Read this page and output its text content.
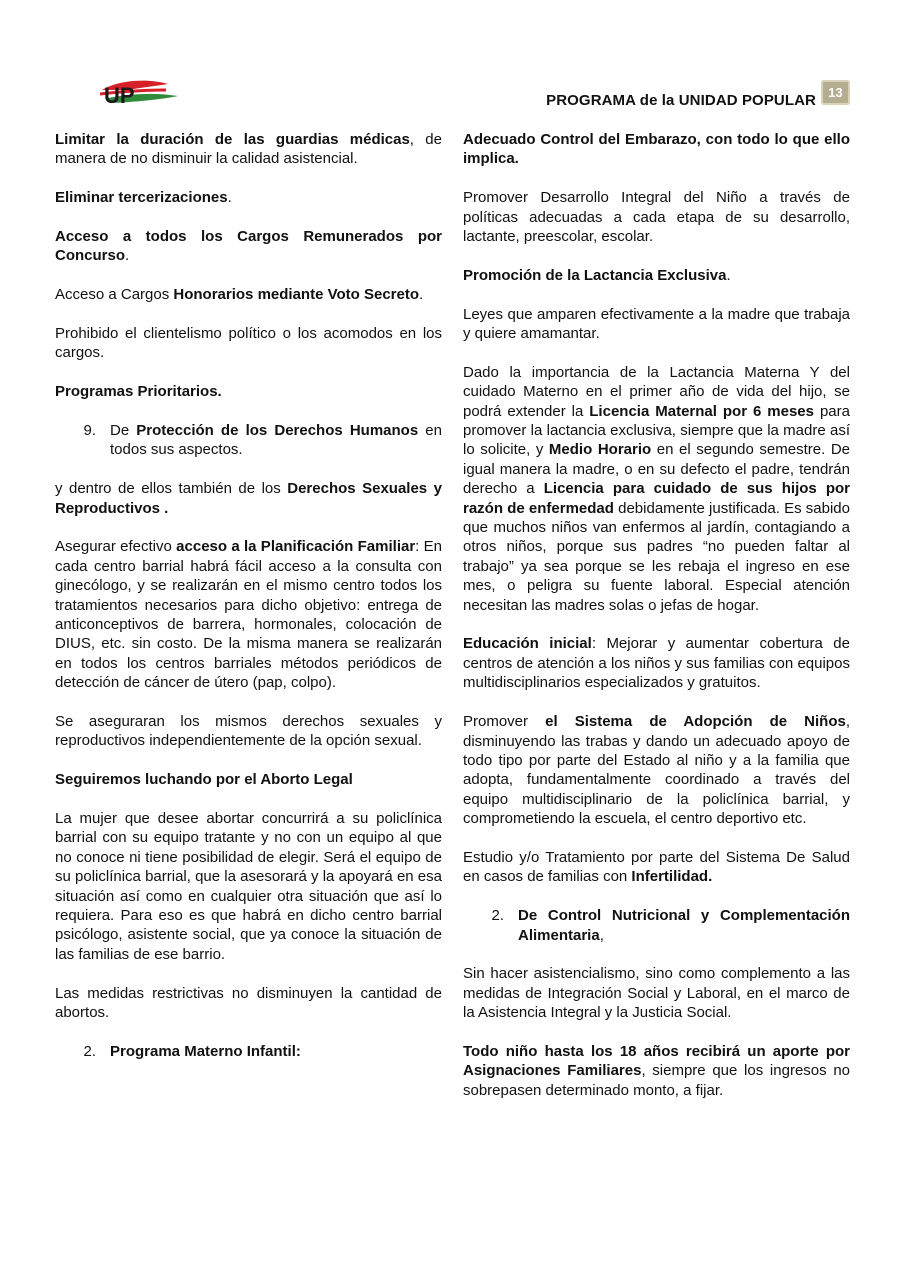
UP	PROGRAMA de la UNIDAD POPULAR 13

Limitar la duración de las guardias médicas, de manera de no disminuir la calidad asistencial.

Eliminar tercerizaciones.

Acceso a todos los Cargos Remunerados por Concurso.

Acceso a Cargos Honorarios mediante Voto Secreto.

Prohibido el clientelismo político o los acomodos en los cargos.

Programas Prioritarios.

9. De Protección de los Derechos Humanos en todos sus aspectos.

y dentro de ellos también de los Derechos Sexuales y Reproductivos .

Asegurar efectivo acceso a la Planificación Familiar: En cada centro barrial habrá fácil acceso a la consulta con ginecólogo, y se realizarán en el mismo centro todos los tratamientos necesarios para dicho objetivo: entrega de anticonceptivos de barrera, hormonales, colocación de DIUS, etc. sin costo. De la misma manera se realizarán en todos los centros barriales métodos periódicos de detección de cáncer de útero (pap, colpo).

Se aseguraran los mismos derechos sexuales y reproductivos independientemente de la opción sexual.

Seguiremos luchando por el Aborto Legal

La mujer que desee abortar concurrirá a su policlínica barrial con su equipo tratante y no con un equipo al que no conoce ni tiene posibilidad de elegir. Será el equipo de su policlínica barrial, que la asesorará y la apoyará en esa situación así como en cualquier otra situación que así lo requiera. Para eso es que habrá en dicho centro barrial psicólogo, asistente social, que ya conoce la situación de las familias de ese barrio.

Las medidas restrictivas no disminuyen la cantidad de abortos.

2. Programa Materno Infantil:

Adecuado Control del Embarazo, con todo lo que ello implica.

Promover Desarrollo Integral del Niño a través de políticas adecuadas a cada etapa de su desarrollo, lactante, preescolar, escolar.

Promoción de la Lactancia Exclusiva.

Leyes que amparen efectivamente a la madre que trabaja y quiere amamantar.

Dado la importancia de la Lactancia Materna Y del cuidado Materno en el primer año de vida del hijo, se podrá extender la Licencia Maternal por 6 meses para promover la lactancia exclusiva, siempre que la madre así lo solicite, y Medio Horario en el segundo semestre. De igual manera la madre, o en su defecto el padre, tendrán derecho a Licencia para cuidado de sus hijos por razón de enfermedad debidamente justificada. Es sabido que muchos niños van enfermos al jardín, contagiando a otros niños, porque sus padres “no pueden faltar al trabajo” ya sea porque se les rebaja el ingreso en ese mes, o peligra su fuente laboral. Especial atención necesitan las madres solas o jefas de hogar.

Educación inicial: Mejorar y aumentar cobertura de centros de atención a los niños y sus familias con equipos multidisciplinarios especializados y gratuitos.

Promover el Sistema de Adopción de Niños, disminuyendo las trabas y dando un adecuado apoyo de todo tipo por parte del Estado al niño y a la familia que adopta, fundamentalmente coordinado a través del equipo multidisciplinario de la policlínica barrial, y comprometiendo la escuela, el centro deportivo etc.

Estudio y/o Tratamiento por parte del Sistema De Salud en casos de familias con Infertilidad.

2. De Control Nutricional y Complementación Alimentaria,

Sin hacer asistencialismo, sino como complemento a las medidas de Integración Social y Laboral, en el marco de la Asistencia Integral y la Justicia Social.

Todo niño hasta los 18 años recibirá un aporte por Asignaciones Familiares, siempre que los ingresos no sobrepasen determinado monto, a fijar.
